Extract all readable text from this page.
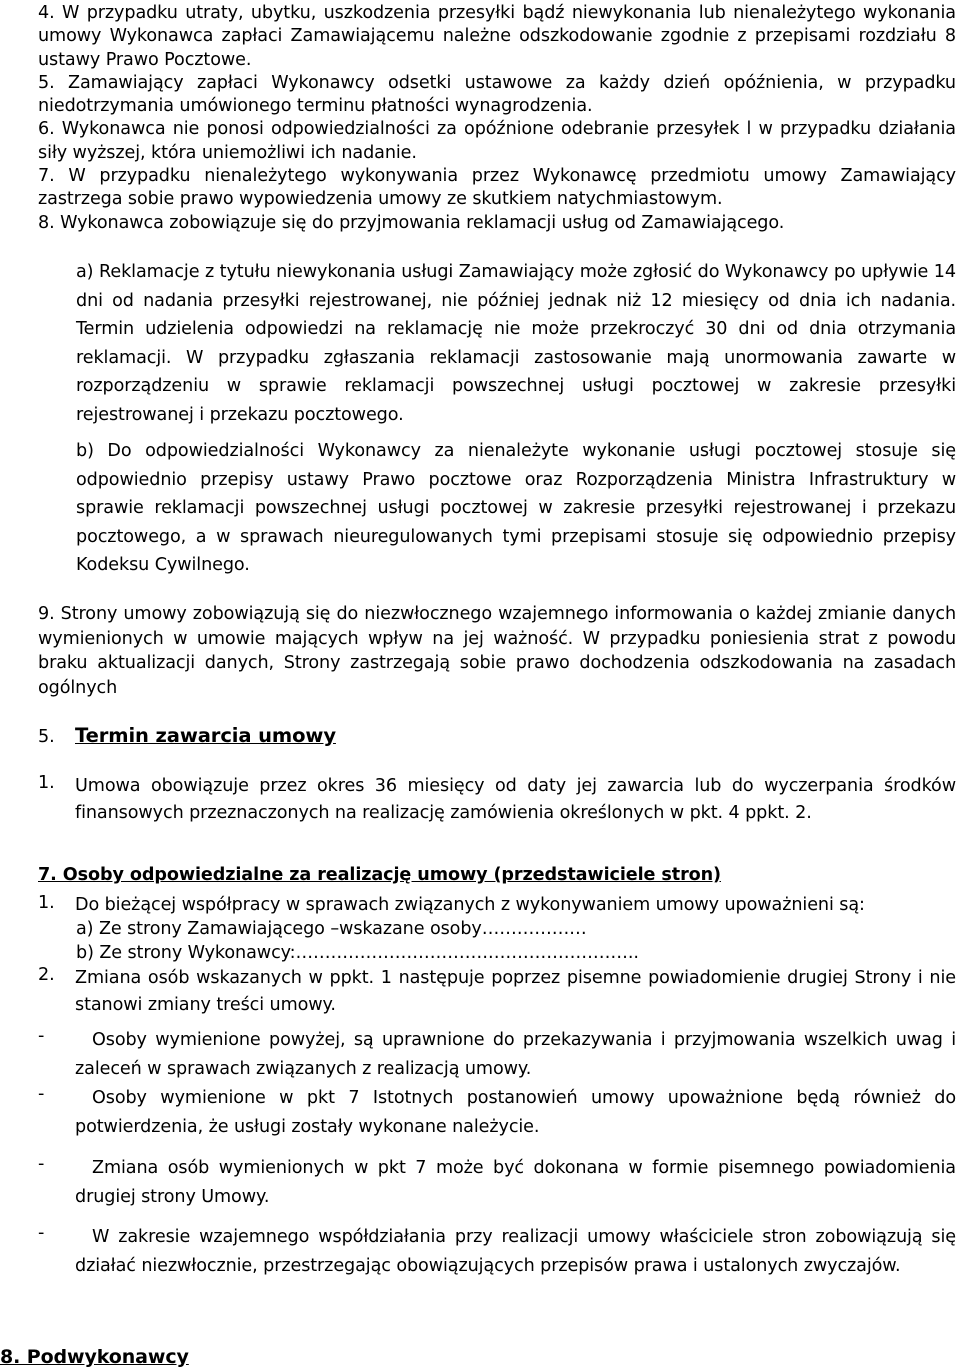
4. W przypadku utraty, ubytku, uszkodzenia przesyłki bądź niewykonania lub nienależytego wykonania umowy Wykonawca zapłaci Zamawiającemu należne odszkodowanie zgodnie z przepisami rozdziału 8 ustawy Prawo Pocztowe.

5. Zamawiający zapłaci Wykonawcy odsetki ustawowe za każdy dzień opóźnienia, w przypadku niedotrzymania umówionego terminu płatności wynagrodzenia.

6. Wykonawca nie ponosi odpowiedzialności za opóźnione odebranie przesyłek l w przypadku działania siły wyższej, która uniemożliwi ich nadanie.

7. W przypadku nienależytego wykonywania przez Wykonawcę przedmiotu umowy Zamawiający zastrzega sobie prawo wypowiedzenia umowy ze skutkiem natychmiastowym.

8. Wykonawca zobowiązuje się do przyjmowania reklamacji usług od Zamawiającego.

a) Reklamacje z tytułu niewykonania usługi Zamawiający może zgłosić do Wykonawcy po upływie 14 dni od nadania przesyłki rejestrowanej, nie później jednak niż 12 miesięcy od dnia ich nadania. Termin udzielenia odpowiedzi na reklamację nie może przekroczyć 30 dni od dnia otrzymania reklamacji. W przypadku zgłaszania reklamacji zastosowanie mają unormowania zawarte w rozporządzeniu w sprawie reklamacji powszechnej usługi pocztowej w zakresie przesyłki rejestrowanej i przekazu pocztowego.

b) Do odpowiedzialności Wykonawcy za nienależyte wykonanie usługi pocztowej stosuje się odpowiednio przepisy ustawy Prawo pocztowe oraz Rozporządzenia Ministra Infrastruktury w sprawie reklamacji powszechnej usługi pocztowej w zakresie przesyłki rejestrowanej i przekazu pocztowego, a w sprawach nieuregulowanych tymi przepisami stosuje się odpowiednio przepisy Kodeksu Cywilnego.

9. Strony umowy zobowiązują się do niezwłocznego wzajemnego informowania o każdej zmianie danych wymienionych w umowie mających wpływ na jej ważność. W przypadku poniesienia strat z powodu braku aktualizacji danych, Strony zastrzegają sobie prawo dochodzenia odszkodowania na zasadach ogólnych

5. Termin zawarcia umowy
1. Umowa obowiązuje przez okres 36 miesięcy od daty jej zawarcia lub do wyczerpania środków finansowych przeznaczonych na realizację zamówienia określonych w pkt. 4 ppkt. 2.

7. Osoby odpowiedzialne za realizację umowy (przedstawiciele stron)
1. Do bieżącej współpracy w sprawach związanych z wykonywaniem umowy upoważnieni są:

a) Ze strony Zamawiającego –wskazane osoby………………
b) Ze strony Wykonawcy:…………………………………………………..
2. Zmiana osób wskazanych w ppkt. 1 następuje poprzez pisemne powiadomienie drugiej Strony i nie stanowi zmiany treści umowy.

-	Osoby wymienione powyżej, są uprawnione do przekazywania i przyjmowania wszelkich uwag i zaleceń w sprawach związanych z realizacją umowy.

-	Osoby wymienione w pkt 7 Istotnych postanowień umowy upoważnione będą również do potwierdzenia, że usługi zostały wykonane należycie.

-	Zmiana osób wymienionych w pkt 7 może być dokonana w formie pisemnego powiadomienia drugiej strony Umowy.

-	W zakresie wzajemnego współdziałania przy realizacji umowy właściciele stron zobowiązują się działać niezwłocznie, przestrzegając obowiązujących przepisów prawa i ustalonych zwyczajów.

8. Podwykonawcy
